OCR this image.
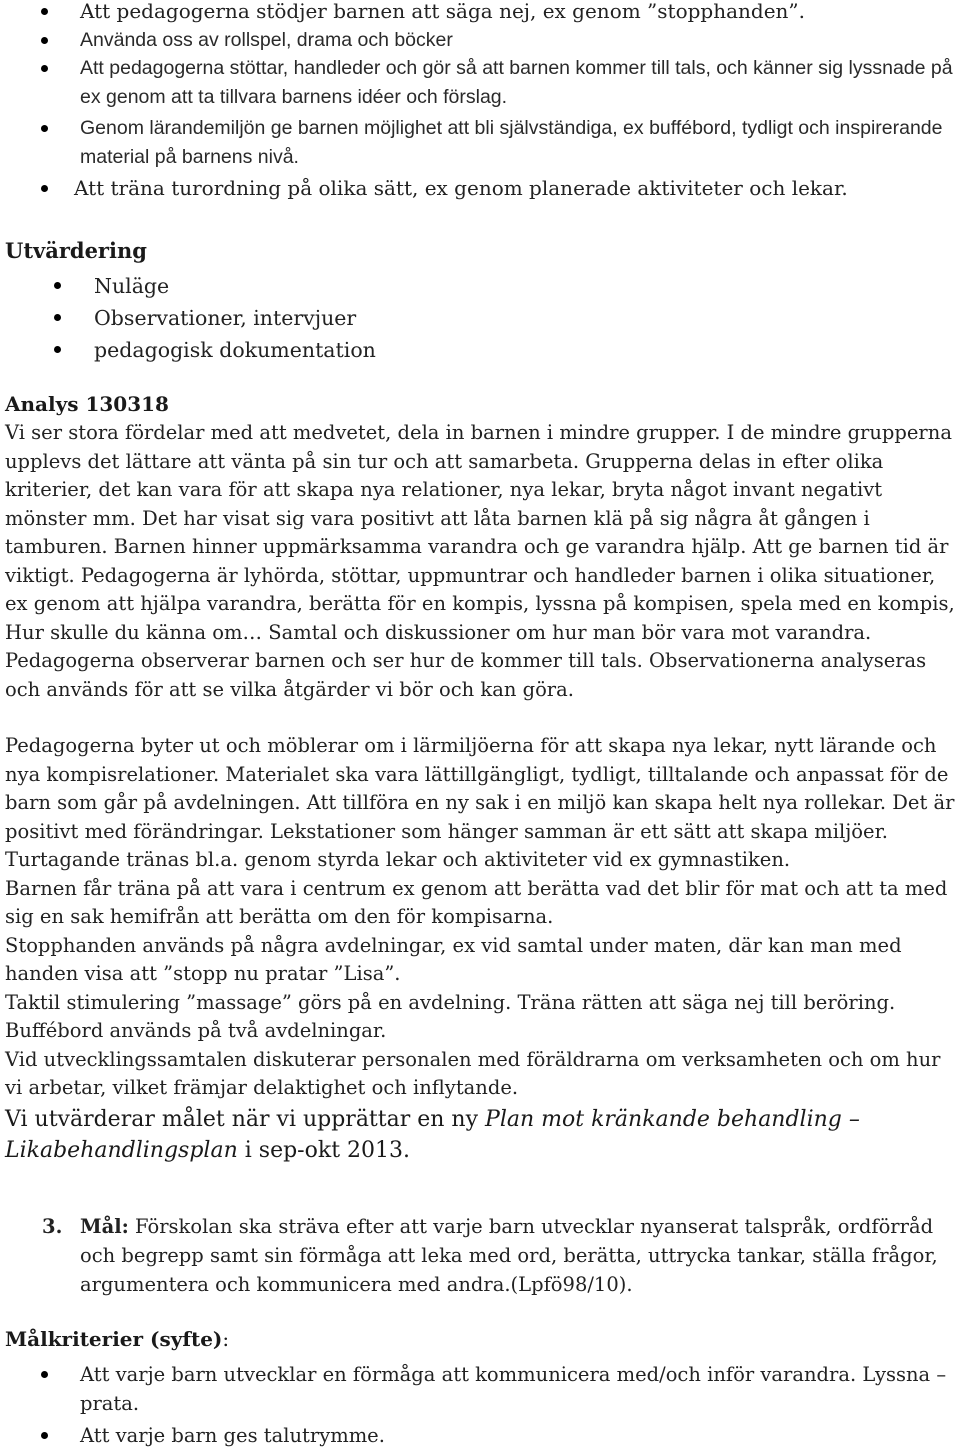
Att pedagogerna stödjer barnen att säga nej, ex genom ”stopphanden”.
Använda oss av rollspel, drama och böcker
Att pedagogerna stöttar, handleder och gör så att barnen kommer till tals, och känner sig lyssnade på ex genom att ta tillvara barnens idéer och förslag.
Genom lärandemiljön ge barnen möjlighet att bli självständiga, ex buffébord, tydligt och inspirerande material på barnens nivå.
Att träna turordning på olika sätt, ex genom planerade aktiviteter och lekar.
Utvärdering
Nuläge
Observationer, intervjuer
pedagogisk dokumentation
Analys 130318

Vi ser stora fördelar med att medvetet, dela in barnen i mindre grupper. I de mindre grupperna upplevs det lättare att vänta på sin tur och att samarbeta. Grupperna delas in efter olika kriterier, det kan vara för att skapa nya relationer, nya lekar, bryta något invant negativt mönster mm. Det har visat sig vara positivt att låta barnen klä på sig några åt gången i tamburen. Barnen hinner uppmärksamma varandra och ge varandra hjälp. Att ge barnen tid är viktigt. Pedagogerna är lyhörda, stöttar, uppmuntrar och handleder barnen i olika situationer, ex genom att hjälpa varandra, berätta för en kompis, lyssna på kompisen, spela med en kompis, Hur skulle du känna om… Samtal och diskussioner om hur man bör vara mot varandra. Pedagogerna observerar barnen och ser hur de kommer till tals. Observationerna analyseras och används för att se vilka åtgärder vi bör och kan göra.

Pedagogerna byter ut och möblerar om i lärmiljöerna för att skapa nya lekar, nytt lärande och nya kompisrelationer. Materialet ska vara lättillgängligt, tydligt, tilltalande och anpassat för de barn som går på avdelningen. Att tillföra en ny sak i en miljö kan skapa helt nya rollekar. Det är positivt med förändringar. Lekstationer som hänger samman är ett sätt att skapa miljöer. Turtagande tränas bl.a. genom styrda lekar och aktiviteter vid ex gymnastiken.

Barnen får träna på att vara i centrum ex genom att berätta vad det blir för mat och att ta med sig en sak hemifrån att berätta om den för kompisarna.

Stopphanden används på några avdelningar, ex vid samtal under maten, där kan man med handen visa att ”stopp nu pratar ”Lisa”.

Taktil stimulering ”massage” görs på en avdelning. Träna rätten att säga nej till beröring.

Buffébord används på två avdelningar.

Vid utvecklingssamtalen diskuterar personalen med föräldrarna om verksamheten och om hur vi arbetar, vilket främjar delaktighet och inflytande.

Vi utvärderar målet när vi upprättar en ny Plan mot kränkande behandling – Likabehandlingsplan i sep-okt 2013.
3. Mål: Förskolan ska sträva efter att varje barn utvecklar nyanserat talspråk, ordförråd och begrepp samt sin förmåga att leka med ord, berätta, uttrycka tankar, ställa frågor, argumentera och kommunicera med andra.(Lpfö98/10).
Målkriterier (syfte):
Att varje barn utvecklar en förmåga att kommunicera med/och inför varandra. Lyssna – prata.
Att varje barn ges talutrymme.
